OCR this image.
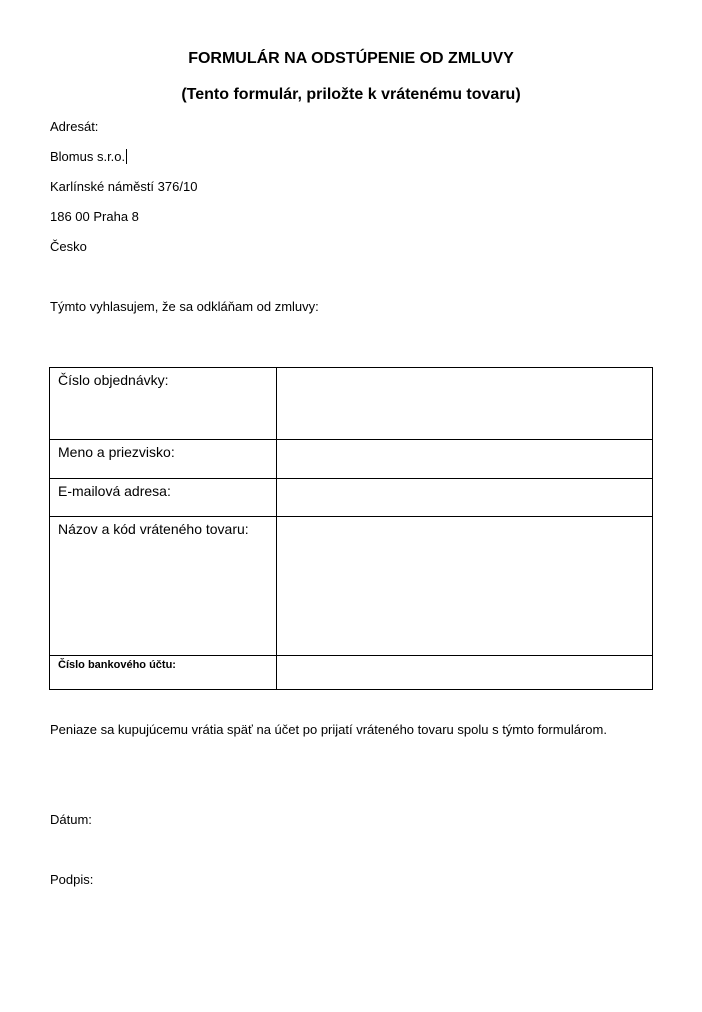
FORMULÁR NA ODSTÚPENIE OD ZMLUVY
(Tento formulár, priložte k vrátenému tovaru)
Adresát:
Blomus s.r.o.
Karlínské náměstí 376/10
186 00 Praha 8
Česko
Týmto vyhlasujem, že sa odkláňam od zmluvy:
Číslo objednávky:	
Meno a priezvisko:	
E-mailová adresa:	
Názov a kód vráteného tovaru:	
Číslo bankového účtu:	
Peniaze sa kupujúcemu vrátia späť na účet po prijatí vráteného tovaru spolu s týmto formulárom.
Dátum:
Podpis:
